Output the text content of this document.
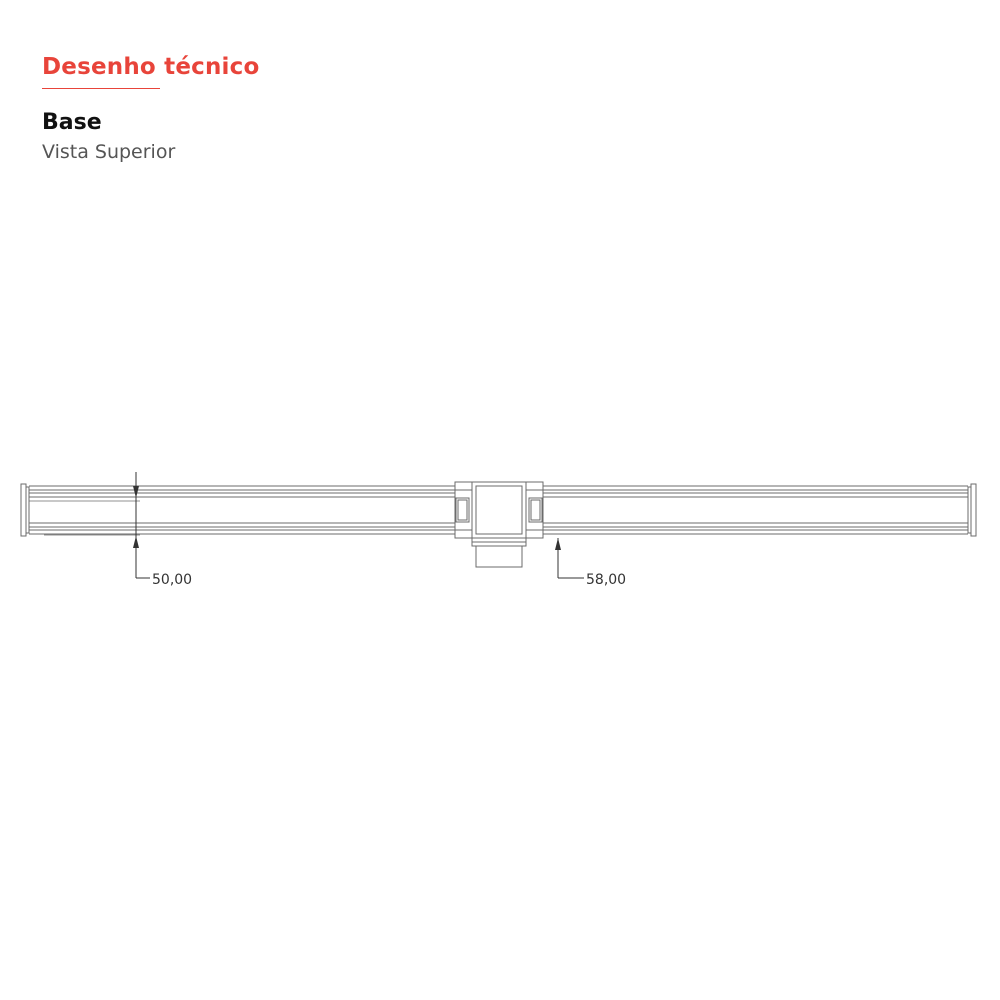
Desenho técnico
Base

Vista Superior

50,00	58,00
